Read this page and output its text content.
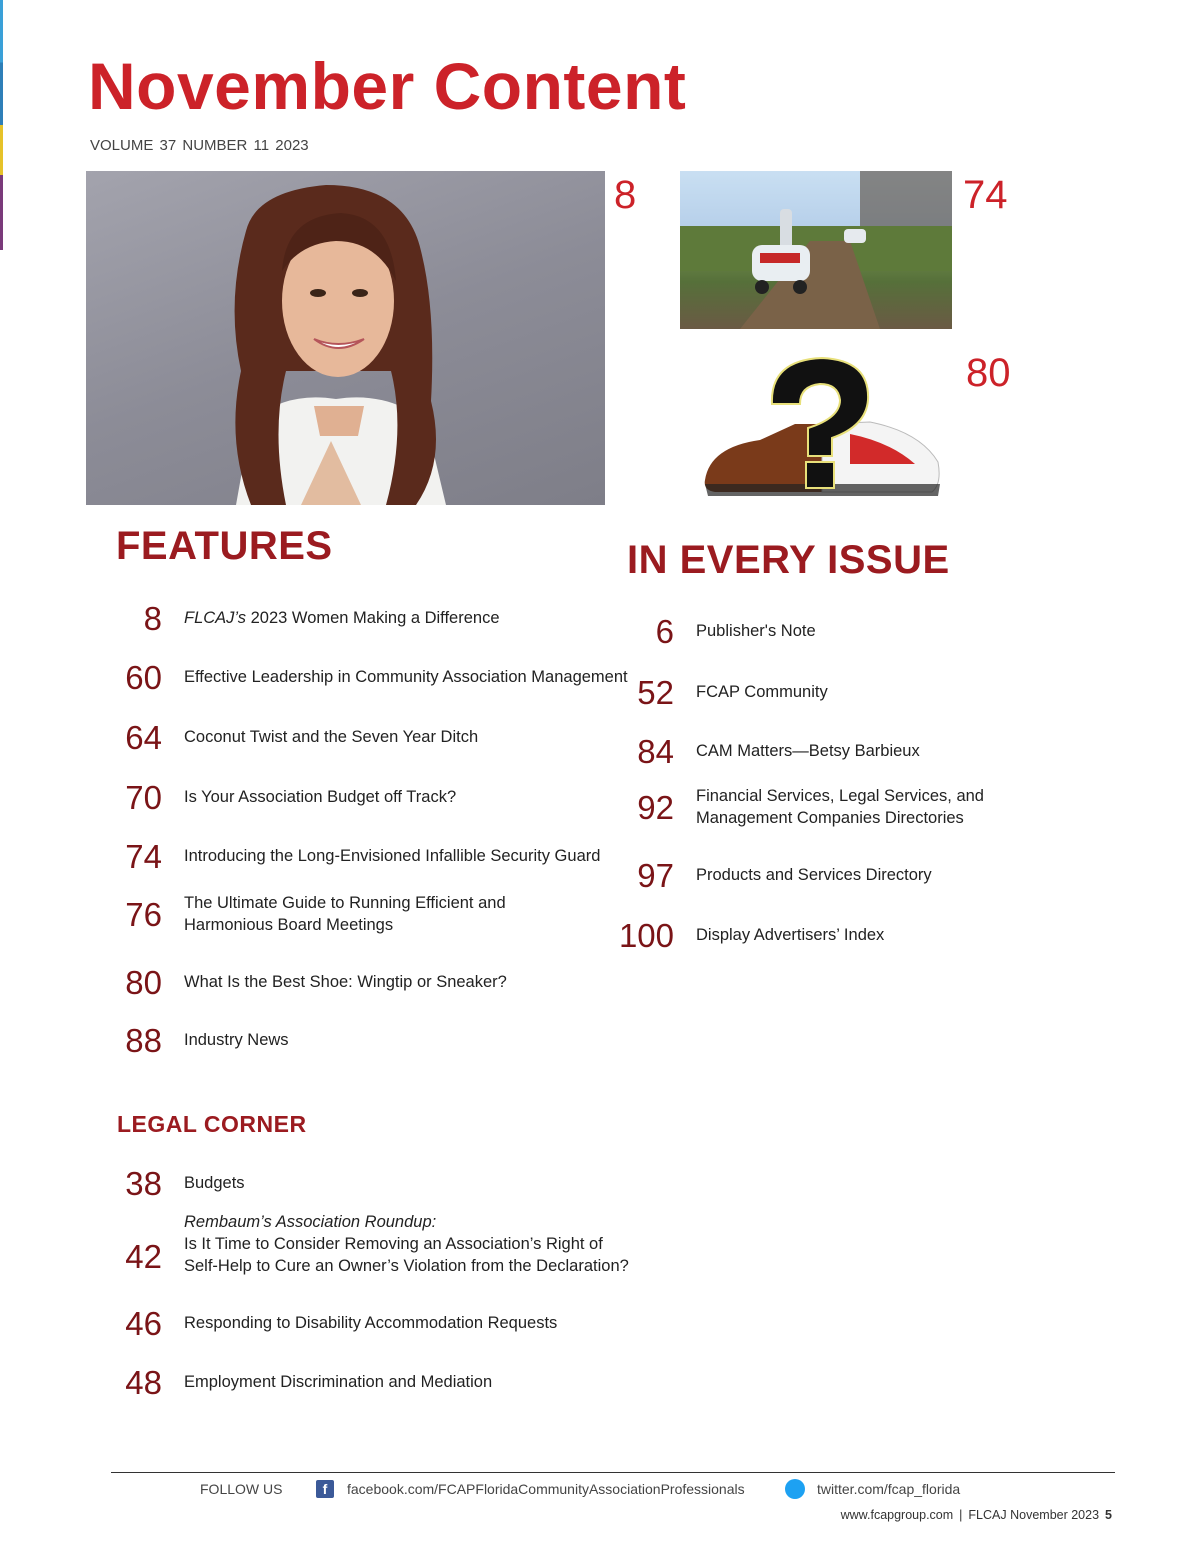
November Content
VOLUME 37 NUMBER 11 2023
8	74
80
FEATURES
8 FLCAJ’s 2023 Women Making a Difference
60 Effective Leadership in Community Association Management
64 Coconut Twist and the Seven Year Ditch
70 Is Your Association Budget off Track?
74 Introducing the Long-Envisioned Infallible Security Guard
76 The Ultimate Guide to Running Efficient and
Harmonious Board Meetings
80 What Is the Best Shoe: Wingtip or Sneaker?
88 Industry News
LEGAL CORNER
38 Budgets
42
Rembaum’s Association Roundup:
Is It Time to Consider Removing an Association’s Right of
Self-Help to Cure an Owner’s Violation from the Declaration?
46 Responding to Disability Accommodation Requests
48 Employment Discrimination and Mediation
IN EVERY ISSUE
6 Publisher's Note
52 FCAP Community
84 CAM Matters—Betsy Barbieux
92 Financial Services, Legal Services, and
Management Companies Directories
97 Products and Services Directory
100 Display Advertisers’ Index
FOLLOW US	f	facebook.com/FCAPFloridaCommunityAssociationProfessionals	twitter.com/fcap_florida
www.fcapgroup.com | FLCAJ November 2023 5
